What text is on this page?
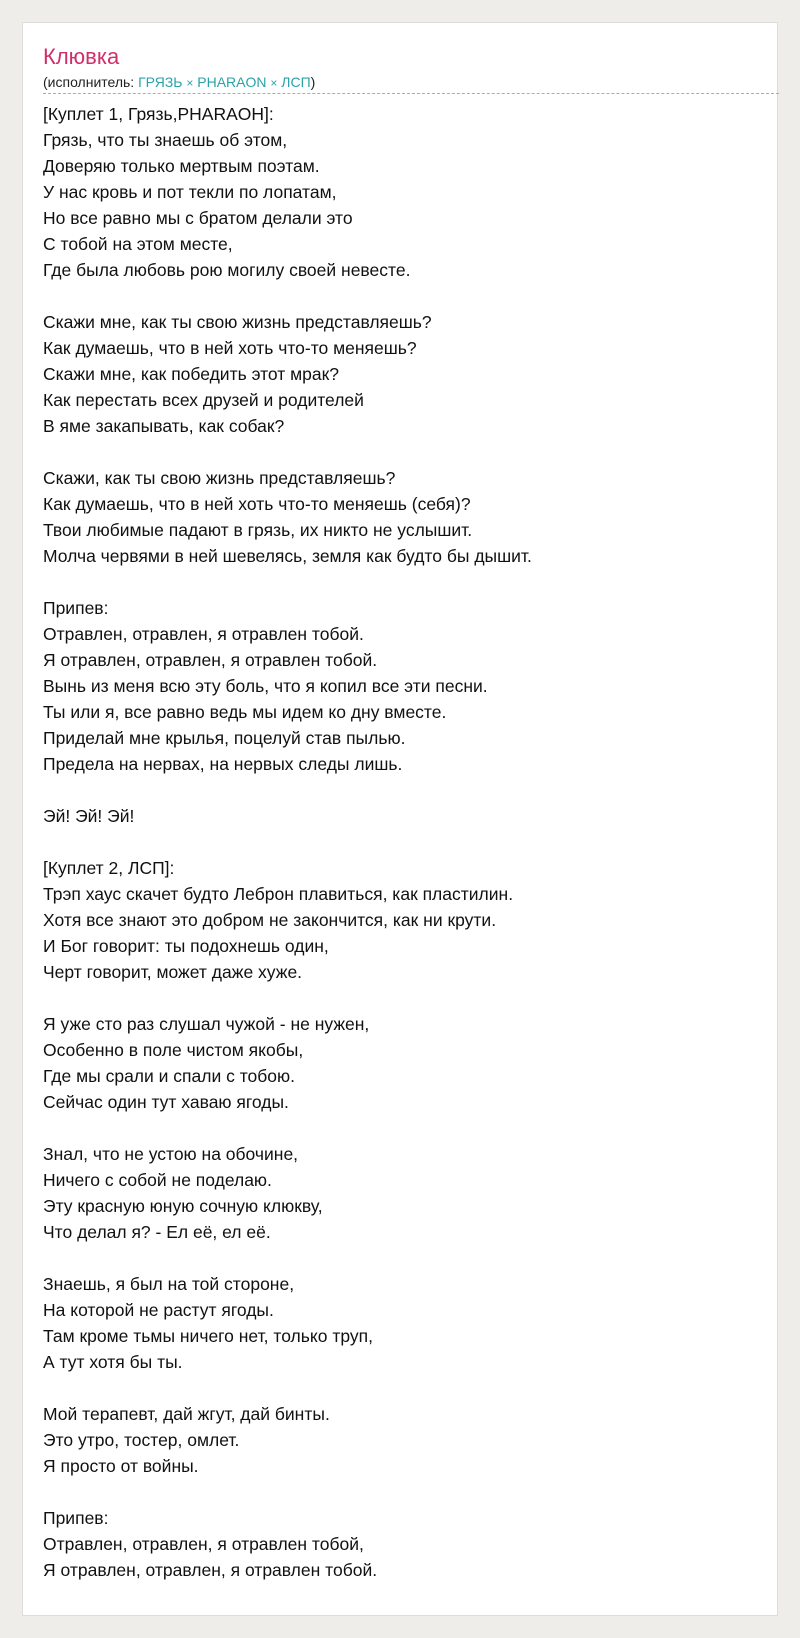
Клювка
(исполнитель: ГРЯЗЬ × PHARAON × ЛСП)
[Куплет 1, Грязь,PHARAOH]:
Грязь, что ты знаешь об этом,
Доверяю только мертвым поэтам.
У нас кровь и пот текли по лопатам,
Но все равно мы с братом делали это
С тобой на этом месте,
Где была любовь рою могилу своей невесте.
Скажи мне, как ты свою жизнь представляешь?
Как думаешь, что в ней хоть что-то меняешь?
Скажи мне, как победить этот мрак?
Как перестать всех друзей и родителей
В яме закапывать, как собак?
Скажи, как ты свою жизнь представляешь?
Как думаешь, что в ней хоть что-то меняешь (себя)?
Твои любимые падают в грязь, их никто не услышит.
Молча червями в ней шевелясь, земля как будто бы дышит.
Припев:
Отравлен, отравлен, я отравлен тобой.
Я отравлен, отравлен, я отравлен тобой.
Вынь из меня всю эту боль, что я копил все эти песни.
Ты или я, все равно ведь мы идем ко дну вместе.
Приделай мне крылья, поцелуй став пылью.
Предела на нервах, на нервых следы лишь.
Эй! Эй! Эй!
[Куплет 2, ЛСП]:
Трэп хаус скачет будто Леброн плавиться, как пластилин.
Хотя все знают это добром не закончится, как ни крути.
И Бог говорит: ты подохнешь один,
Черт говорит, может даже хуже.
Я уже сто раз слушал чужой - не нужен,
Особенно в поле чистом якобы,
Где мы срали и спали с тобою.
Сейчас один тут хаваю ягоды.
Знал, что не устою на обочине,
Ничего с собой не поделаю.
Эту красную юную сочную клюкву,
Что делал я? - Ел её, ел её.
Знаешь, я был на той стороне,
На которой не растут ягоды.
Там кроме тьмы ничего нет, только труп,
А тут хотя бы ты.
Мой терапевт, дай жгут, дай бинты.
Это утро, тостер, омлет.
Я просто от войны.
Припев:
Отравлен, отравлен, я отравлен тобой,
Я отравлен, отравлен, я отравлен тобой.
